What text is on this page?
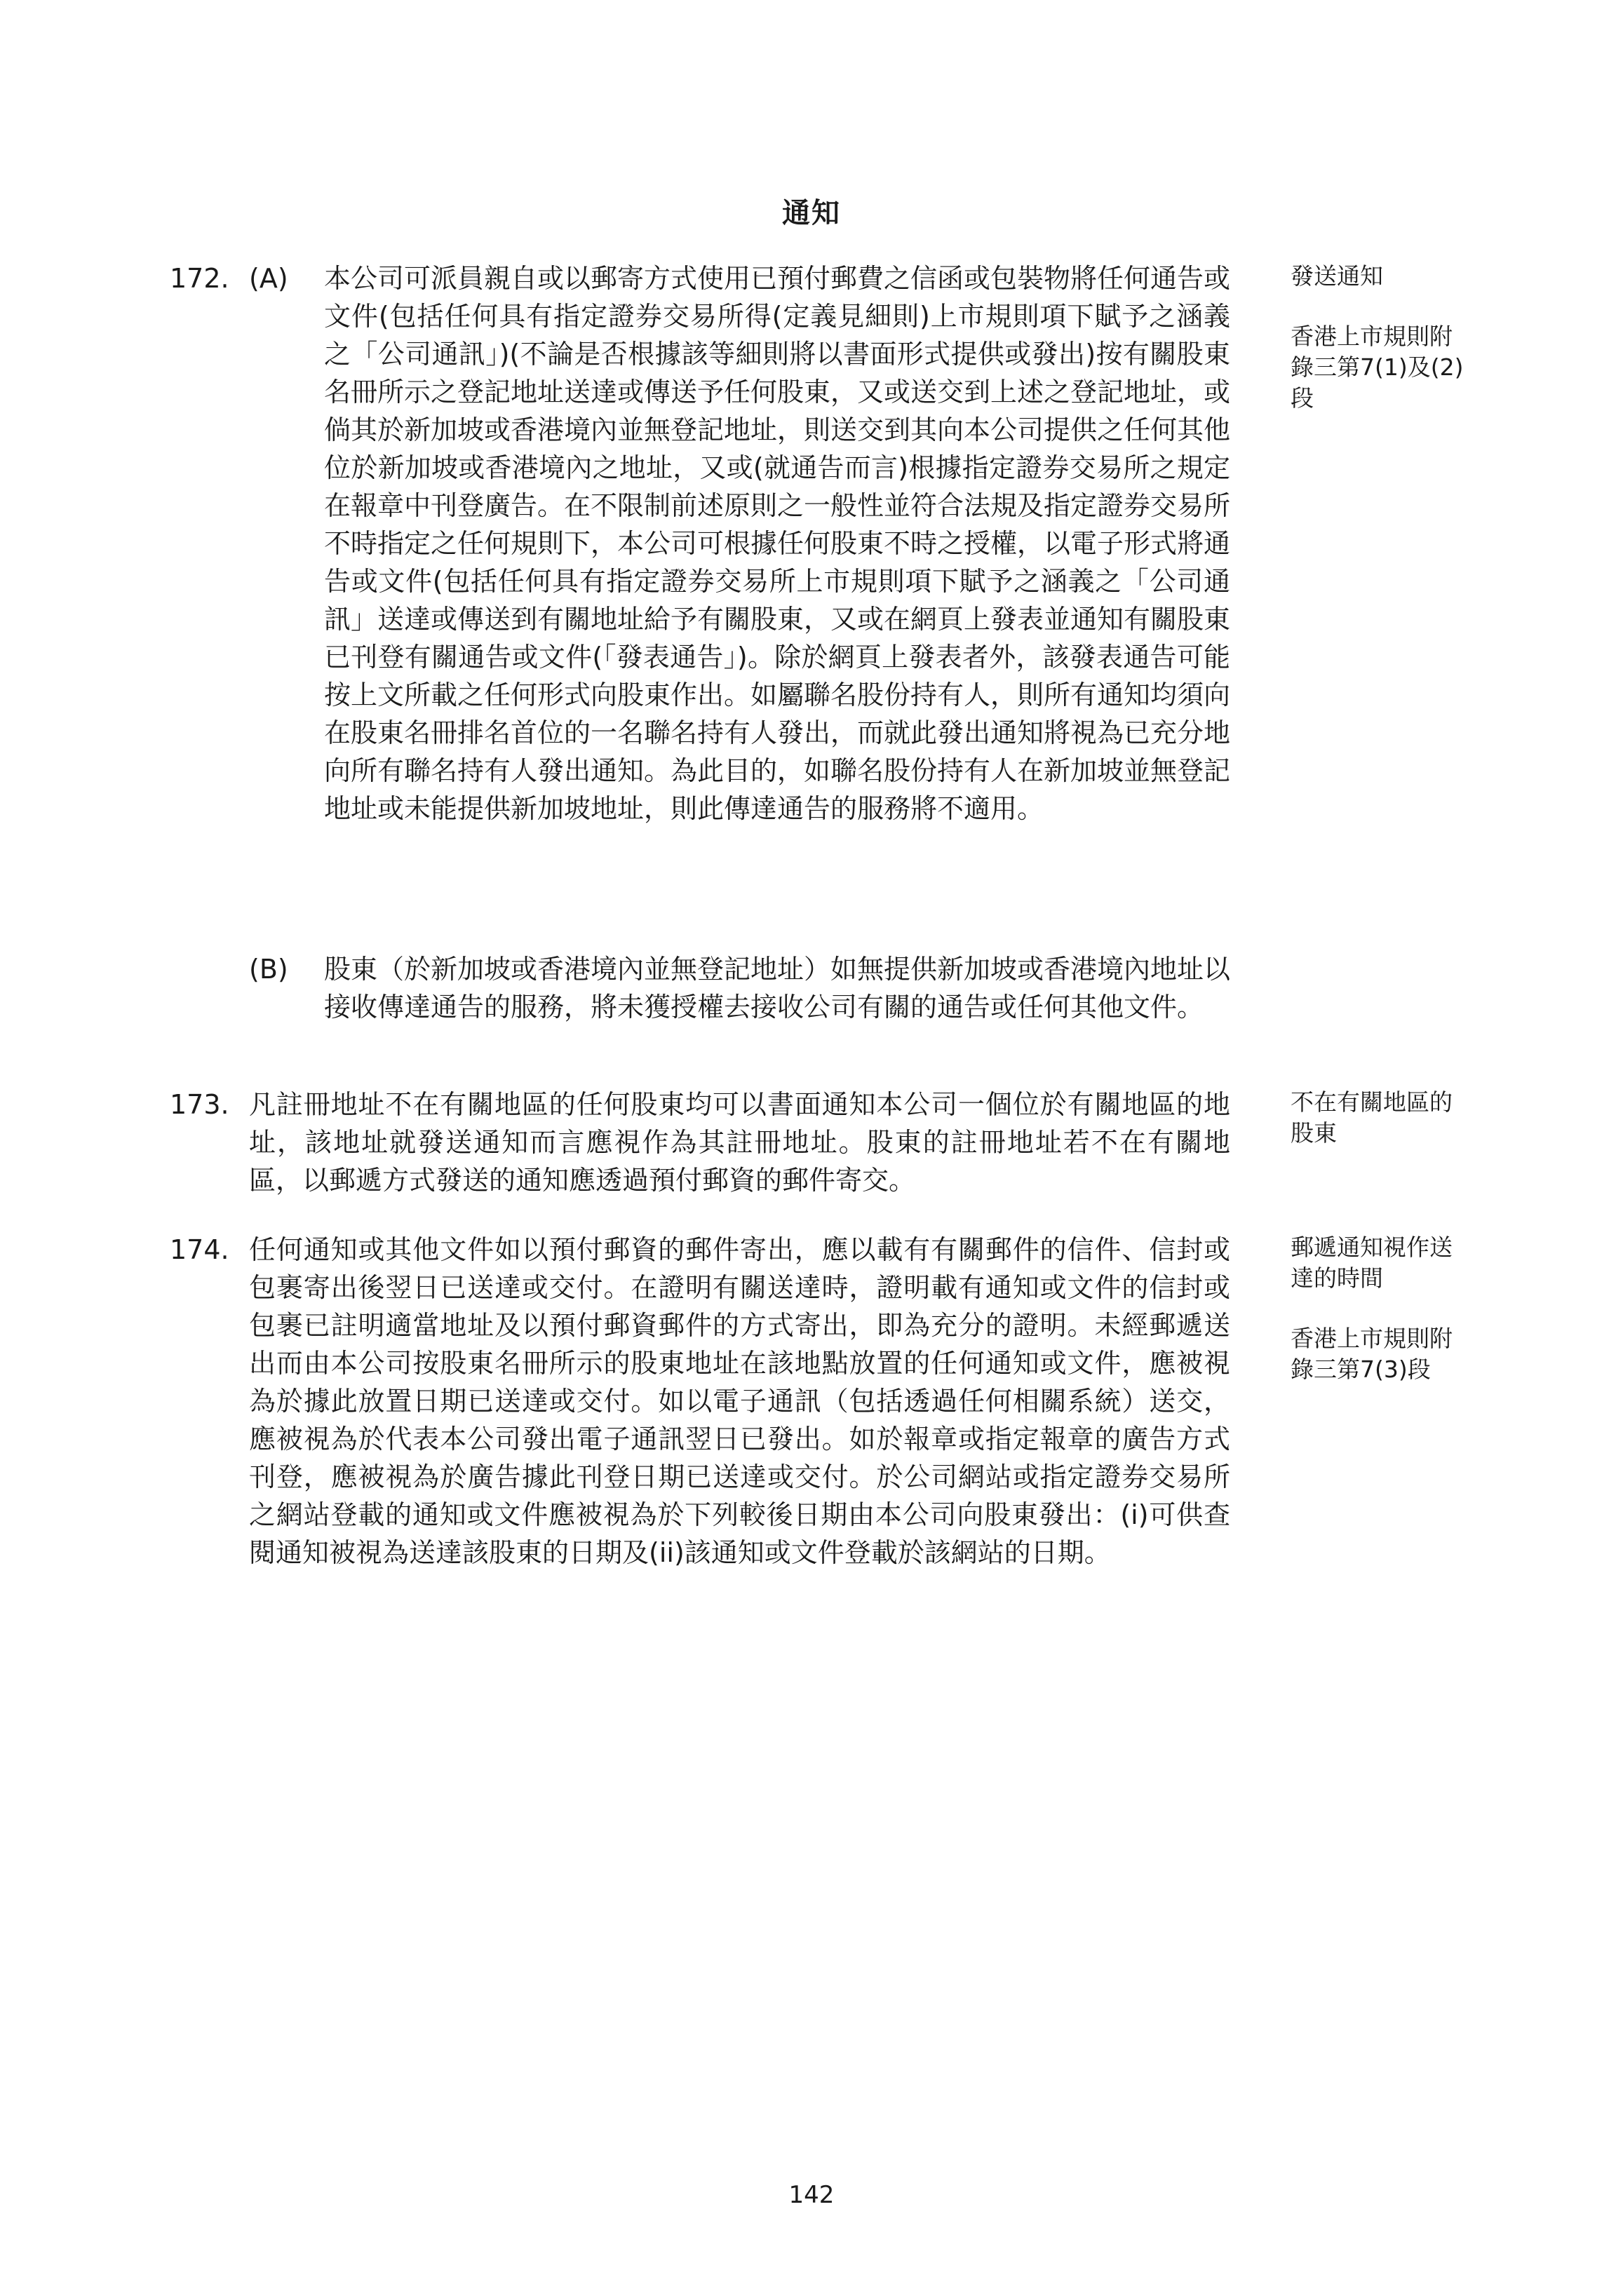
通知
172. (A) 本公司可派員親自或以郵寄方式使用已預付郵費之信函或包裝物將任何通告或文件(包括任何具有指定證券交易所得(定義見細則)上市規則項下賦予之涵義之「公司通訊」)(不論是否根據該等細則將以書面形式提供或發出)按有關股東名冊所示之登記地址送達或傳送予任何股東，又或送交到上述之登記地址，或倘其於新加坡或香港境內並無登記地址，則送交到其向本公司提供之任何其他位於新加坡或香港境內之地址，又或(就通告而言)根據指定證券交易所之規定在報章中刊登廣告。在不限制前述原則之一般性並符合法規及指定證券交易所不時指定之任何規則下，本公司可根據任何股東不時之授權，以電子形式將通告或文件(包括任何具有指定證券交易所上市規則項下賦予之涵義之「公司通訊」送達或傳送到有關地址給予有關股東，又或在網頁上發表並通知有關股東已刊登有關通告或文件(「發表通告」)。除於網頁上發表者外，該發表通告可能按上文所載之任何形式向股東作出。如屬聯名股份持有人，則所有通知均須向在股東名冊排名首位的一名聯名持有人發出，而就此發出通知將視為已充分地向所有聯名持有人發出通知。為此目的，如聯名股份持有人在新加坡並無登記地址或未能提供新加坡地址，則此傳達通告的服務將不適用。
(B) 股東（於新加坡或香港境內並無登記地址）如無提供新加坡或香港境內地址以接收傳達通告的服務，將未獲授權去接收公司有關的通告或任何其他文件。
發送通知
香港上市規則附錄三第7(1)及(2)段
173. 凡註冊地址不在有關地區的任何股東均可以書面通知本公司一個位於有關地區的地址，該地址就發送通知而言應視作為其註冊地址。股東的註冊地址若不在有關地區，以郵遞方式發送的通知應透過預付郵資的郵件寄交。
不在有關地區的股東
174. 任何通知或其他文件如以預付郵資的郵件寄出，應以載有有關郵件的信件、信封或包裹寄出後翌日已送達或交付。在證明有關送達時，證明載有通知或文件的信封或包裹已註明適當地址及以預付郵資郵件的方式寄出，即為充分的證明。未經郵遞送出而由本公司按股東名冊所示的股東地址在該地點放置的任何通知或文件，應被視為於據此放置日期已送達或交付。如以電子通訊（包括透過任何相關系統）送交，應被視為於代表本公司發出電子通訊翌日已發出。如於報章或指定報章的廣告方式刊登，應被視為於廣告據此刊登日期已送達或交付。於公司網站或指定證券交易所之網站登載的通知或文件應被視為於下列較後日期由本公司向股東發出：(i)可供查閱通知被視為送達該股東的日期及(ii)該通知或文件登載於該網站的日期。
郵遞通知視作送達的時間
香港上市規則附錄三第7(3)段
142
